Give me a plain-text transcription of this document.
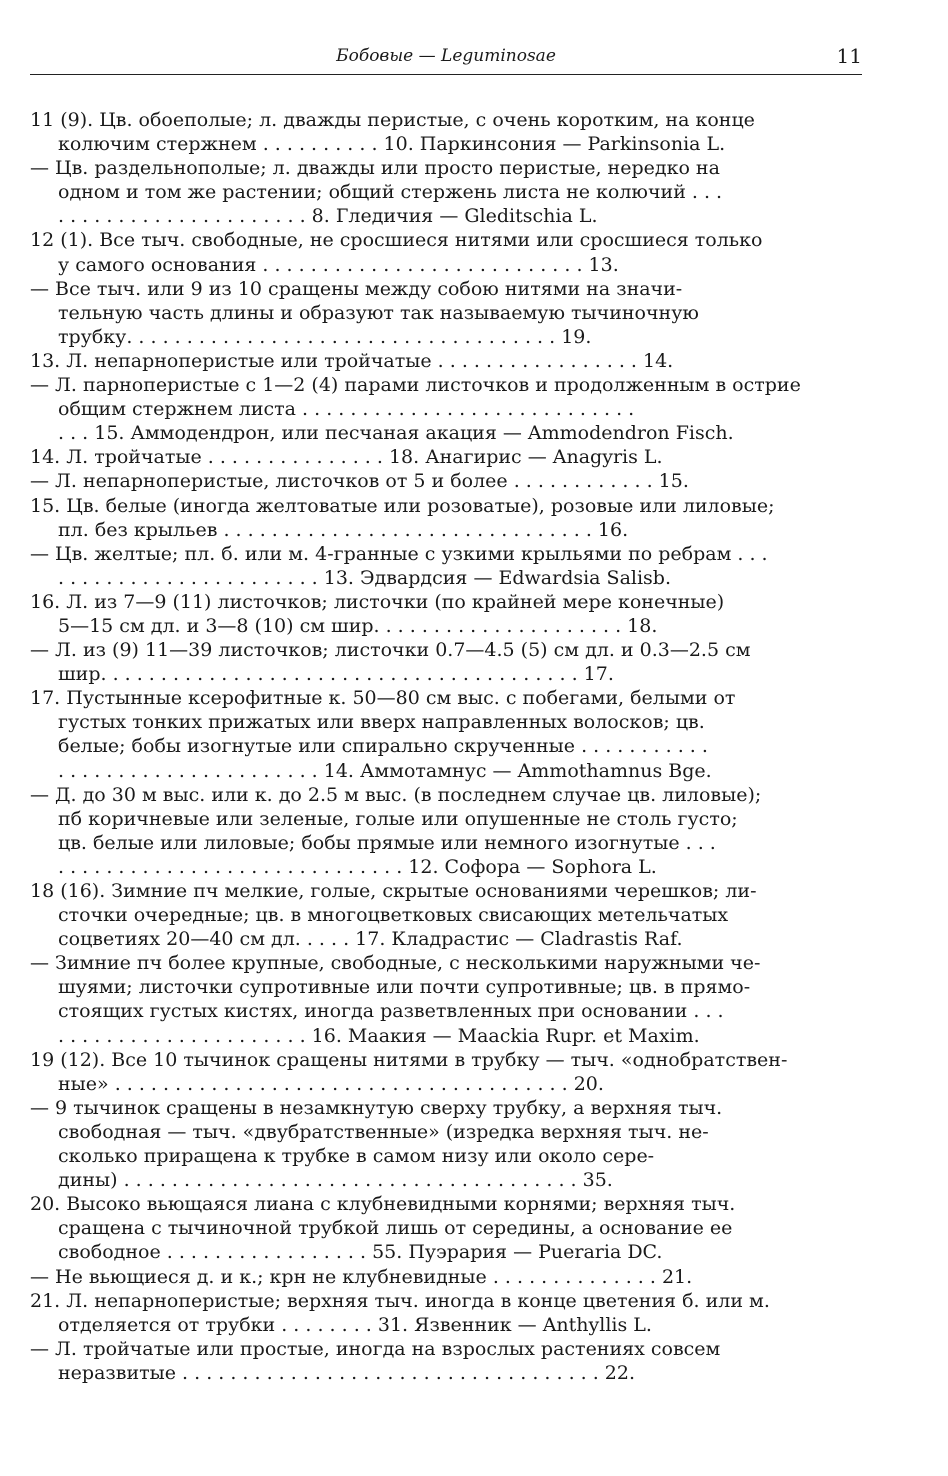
Бобовые — Leguminosae	11
11 (9). Цв. обоеполые; л. дважды перистые, с очень коротким, на конце
колючим стержнем . . . . . . . . . . 10. Паркинсония — Parkinsonia L.
— Цв. раздельнополые; л. дважды или просто перистые, нередко на
одном и том же растении; общий стержень листа не колючий . . .
. . . . . . . . . . . . . . . . . . . . . 8. Гледичия — Gleditschia L.
12 (1). Все тыч. свободные, не сросшиеся нитями или сросшиеся только
у самого основания . . . . . . . . . . . . . . . . . . . . . . . . . . . 13.
— Все тыч. или 9 из 10 сращены между собою нитями на значи-
тельную часть длины и образуют так называемую тычиночную
трубку. . . . . . . . . . . . . . . . . . . . . . . . . . . . . . . . . . . . 19.
13. Л. непарноперистые или тройчатые . . . . . . . . . . . . . . . . . 14.
— Л. парноперистые с 1—2 (4) парами листочков и продолженным в острие
общим стержнем листа . . . . . . . . . . . . . . . . . . . . . . . . . . . .
. . . 15. Аммодендрон, или песчаная акация — Ammodendron Fisch.
14. Л. тройчатые . . . . . . . . . . . . . . . 18. Анагирис — Anagyris L.
— Л. непарноперистые, листочков от 5 и более . . . . . . . . . . . . 15.
15. Цв. белые (иногда желтоватые или розоватые), розовые или лиловые;
пл. без крыльев . . . . . . . . . . . . . . . . . . . . . . . . . . . . . . . 16.
— Цв. желтые; пл. б. или м. 4-гранные с узкими крыльями по ребрам . . .
. . . . . . . . . . . . . . . . . . . . . . 13. Эдвардсия — Edwardsia Salisb.
16. Л. из 7—9 (11) листочков; листочки (по крайней мере конечные)
5—15 см дл. и 3—8 (10) см шир. . . . . . . . . . . . . . . . . . . . . 18.
— Л. из (9) 11—39 листочков; листочки 0.7—4.5 (5) см дл. и 0.3—2.5 см
шир. . . . . . . . . . . . . . . . . . . . . . . . . . . . . . . . . . . . . . . . 17.
17. Пустынные ксерофитные к. 50—80 см выс. с побегами, белыми от
густых тонких прижатых или вверх направленных волосков; цв.
белые; бобы изогнутые или спирально скрученные . . . . . . . . . . .
. . . . . . . . . . . . . . . . . . . . . . 14. Аммотамнус — Ammothamnus Bge.
— Д. до 30 м выс. или к. до 2.5 м выс. (в последнем случае цв. лиловые);
пб коричневые или зеленые, голые или опушенные не столь густо;
цв. белые или лиловые; бобы прямые или немного изогнутые . . .
. . . . . . . . . . . . . . . . . . . . . . . . . . . . . 12. Софора — Sophora L.
18 (16). Зимние пч мелкие, голые, скрытые основаниями черешков; ли-
сточки очередные; цв. в многоцветковых свисающих метельчатых
соцветиях 20—40 см дл. . . . . 17. Кладрастис — Cladrastis Raf.
— Зимние пч более крупные, свободные, с несколькими наружными че-
шуями; листочки супротивные или почти супротивные; цв. в прямо-
стоящих густых кистях, иногда разветвленных при основании . . .
. . . . . . . . . . . . . . . . . . . . . 16. Маакия — Maackia Rupr. et Maxim.
19 (12). Все 10 тычинок сращены нитями в трубку — тыч. «однобратствен-
ные» . . . . . . . . . . . . . . . . . . . . . . . . . . . . . . . . . . . . . . 20.
— 9 тычинок сращены в незамкнутую сверху трубку, а верхняя тыч.
свободная — тыч. «двубратственные» (изредка верхняя тыч. не-
сколько приращена к трубке в самом низу или около сере-
дины) . . . . . . . . . . . . . . . . . . . . . . . . . . . . . . . . . . . . . . 35.
20. Высоко вьющаяся лиана с клубневидными корнями; верхняя тыч.
сращена с тычиночной трубкой лишь от середины, а основание ее
свободное . . . . . . . . . . . . . . . . . 55. Пуэрария — Pueraria DC.
— Не вьющиеся д. и к.; крн не клубневидные . . . . . . . . . . . . . . 21.
21. Л. непарноперистые; верхняя тыч. иногда в конце цветения б. или м.
отделяется от трубки . . . . . . . . 31. Язвенник — Anthyllis L.
— Л. тройчатые или простые, иногда на взрослых растениях совсем
неразвитые . . . . . . . . . . . . . . . . . . . . . . . . . . . . . . . . . . . 22.
